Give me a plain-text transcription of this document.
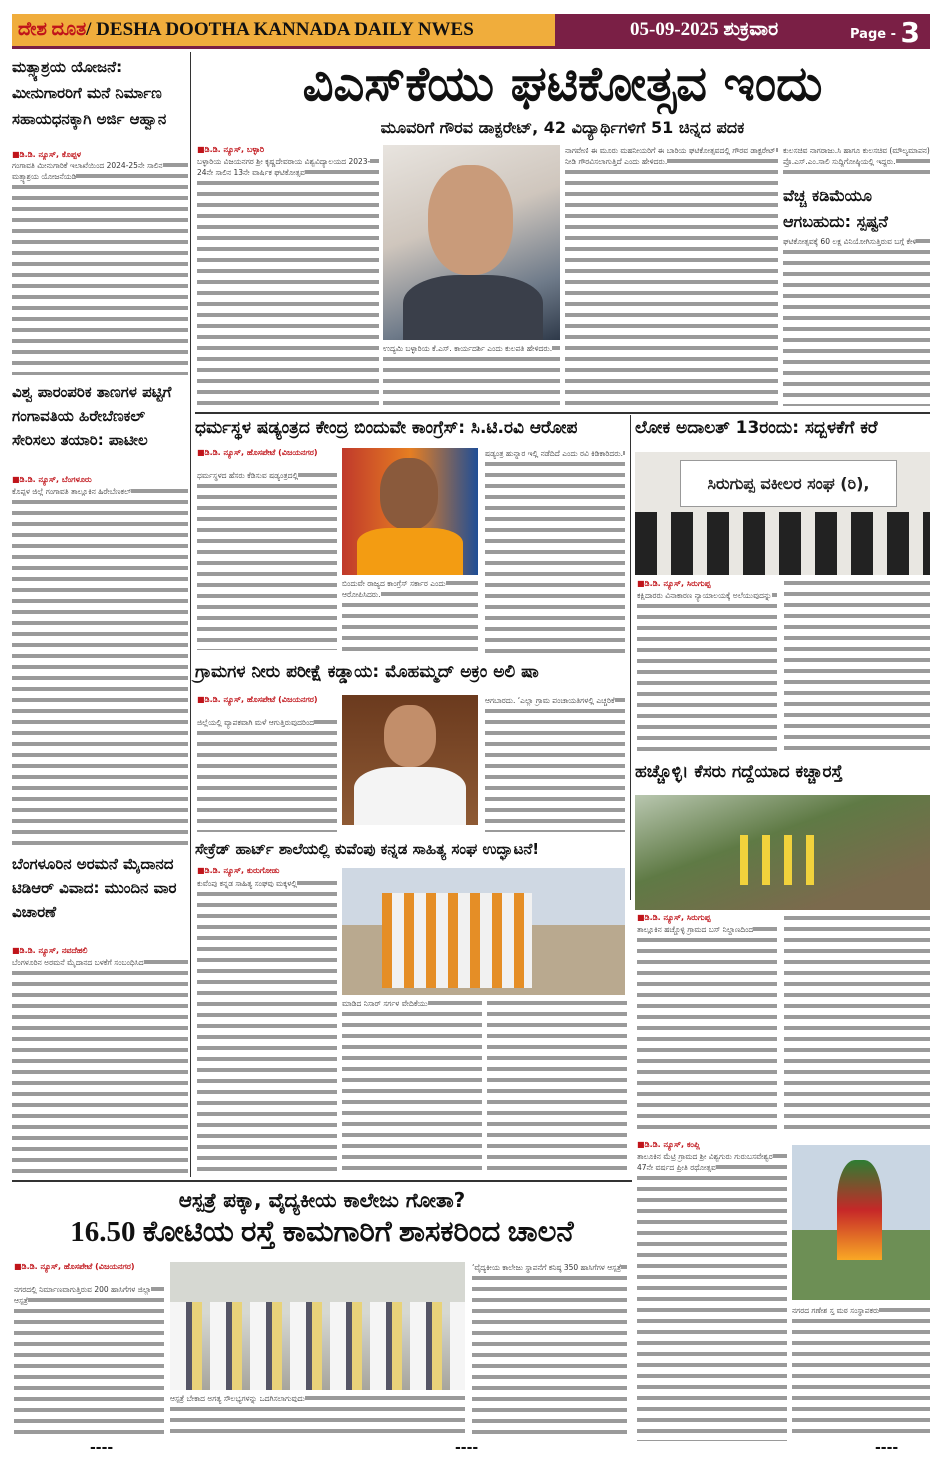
ದೇಶ ದೂತ/ DESHA DOOTHA KANNADA DAILY NWES	05-09-2025 ಶುಕ್ರವಾರ	Page - 3
ಮತ್ಸ್ಯಾಶ್ರಯ ಯೋಜನೆ: ಮೀನುಗಾರರಿಗೆ ಮನೆ ನಿರ್ಮಾಣ ಸಹಾಯಧನಕ್ಕಾಗಿ ಅರ್ಜಿ ಆಹ್ವಾನ
■ಡಿ.ಡಿ. ನ್ಯೂಸ್, ಕೊಪ್ಪಳ
ಗಂಗಾವತಿ ಮೀನುಗಾರಿಕೆ ಇಲಾಖೆಯಿಂದ 2024-25ನೇ ಸಾಲಿನ ಮತ್ಸ್ಯಾಶ್ರಯ ಯೋಜನೆಯಡಿ
ವಿಶ್ವ ಪಾರಂಪರಿಕ ತಾಣಗಳ ಪಟ್ಟಿಗೆ ಗಂಗಾವತಿಯ ಹಿರೇಬೆಣಕಲ್ ಸೇರಿಸಲು ತಯಾರಿ: ಪಾಟೀಲ
■ಡಿ.ಡಿ. ನ್ಯೂಸ್, ಬೆಂಗಳೂರು
ಕೊಪ್ಪಳ ಜಿಲ್ಲೆ ಗಂಗಾವತಿ ತಾಲ್ಲೂಕಿನ ಹಿರೇಬೆಣಕಲ್
ಬೆಂಗಳೂರಿನ ಅರಮನೆ ಮೈದಾನದ ಟಿಡಿಆರ್ ವಿವಾದ: ಮುಂದಿನ ವಾರ ವಿಚಾರಣೆ
■ಡಿ.ಡಿ. ನ್ಯೂಸ್, ನವದೆಹಲಿ
ಬೆಂಗಳೂರಿನ ಅರಮನೆ ಮೈದಾನದ ಬಳಕೆಗೆ ಸಂಬಂಧಿಸಿದ
ವಿಎಸ್‌ಕೆಯು ಘಟಿಕೋತ್ಸವ ಇಂದು
ಮೂವರಿಗೆ ಗೌರವ ಡಾಕ್ಟರೇಟ್, 42 ವಿದ್ಯಾರ್ಥಿಗಳಿಗೆ 51 ಚಿನ್ನದ ಪದಕ
■ಡಿ.ಡಿ. ನ್ಯೂಸ್, ಬಳ್ಳಾರಿ
ಬಳ್ಳಾರಿಯ ವಿಜಯನಗರ ಶ್ರೀ ಕೃಷ್ಣದೇವರಾಯ ವಿಶ್ವವಿದ್ಯಾಲಯದ 2023-24ನೇ ಸಾಲಿನ 13ನೇ ವಾರ್ಷಿಕ ಘಟಿಕೋತ್ಸವ
ಉದ್ಯಮಿ ಬಳ್ಳಾರಿಯ ಕೆ.ಎಸ್. ಕಾರ್ಯದರ್ಶಿ ಎಂದು ಕುಲಪತಿ ಹೇಳಿದರು.
ನಾಗವೇಣಿ ಈ ಮೂರು ಮಹನೀಯರಿಗೆ ಈ ಬಾರಿಯ ಘಟಿಕೋತ್ಸವದಲ್ಲಿ ಗೌರವ ಡಾಕ್ಟರೇಟ್ ನೀಡಿ ಗೌರವಿಸಲಾಗುತ್ತಿದೆ ಎಂದು ಹೇಳಿದರು.
ಕುಲಸಚಿವ ನಾಗರಾಜು.ಸಿ ಹಾಗೂ ಕುಲಸಚಿವ (ಮೌಲ್ಯಮಾಪನ) ಪ್ರೊ.ಎಸ್.ಎಂ.ಸಾಲಿ ಸುದ್ದಿಗೋಷ್ಠಿಯಲ್ಲಿ ಇದ್ದರು.
ವೆಚ್ಚ ಕಡಿಮೆಯೂ ಆಗಬಹುದು: ಸ್ಪಷ್ಟನೆ
ಘಟಿಕೋತ್ಸವಕ್ಕೆ 60 ಲಕ್ಷ ವಿನಿಯೋಗಿಸುತ್ತಿರುವ ಬಗ್ಗೆ ಕೇಳಿ
ಧರ್ಮಸ್ಥಳ ಷಡ್ಯಂತ್ರದ ಕೇಂದ್ರ ಬಿಂದುವೇ ಕಾಂಗ್ರೆಸ್: ಸಿ.ಟಿ.ರವಿ ಆರೋಪ
■ಡಿ.ಡಿ. ನ್ಯೂಸ್, ಹೊಸಪೇಟೆ (ವಿಜಯನಗರ)
ಧರ್ಮಸ್ಥಳದ ಹೆಸರು ಕೆಡಿಸುವ ಷಡ್ಯಂತ್ರದಲ್ಲಿ
ಬಿಂದುವೇ ರಾಜ್ಯದ ಕಾಂಗ್ರೆಸ್ ಸರ್ಕಾರ ಎಂದು ಆರೋಪಿಸಿದರು.
ಷಡ್ಯಂತ್ರ ಹುನ್ನಾರ ಇಲ್ಲಿ ನಡೆದಿದೆ ಎಂದು ರವಿ ಕಿಡಿಕಾರಿದರು.
ಗ್ರಾಮಗಳ ನೀರು ಪರೀಕ್ಷೆ ಕಡ್ಡಾಯ: ಮೊಹಮ್ಮದ್ ಅಕ್ರಂ ಅಲಿ ಷಾ
■ಡಿ.ಡಿ. ನ್ಯೂಸ್, ಹೊಸಪೇಟೆ (ವಿಜಯನಗರ)
ಜಿಲ್ಲೆಯಲ್ಲಿ ವ್ಯಾಪಕವಾಗಿ ಮಳೆ ಆಗುತ್ತಿರುವುದರಿಂದ
ಆಗಬಾರದು. ‘ಎಲ್ಲಾ ಗ್ರಾಮ ಪಂಚಾಯತಿಗಳಲ್ಲಿ ಎಚ್ಚರಿಕೆ
ಸೇಕ್ರೆಡ್ ಹಾರ್ಟ್ ಶಾಲೆಯಲ್ಲಿ ಕುವೆಂಪು ಕನ್ನಡ ಸಾಹಿತ್ಯ ಸಂಘ ಉದ್ಘಾಟನೆ!
■ಡಿ.ಡಿ. ನ್ಯೂಸ್, ಕುರುಗೋಡು
ಕುವೆಂಪು ಕನ್ನಡ ಸಾಹಿತ್ಯ ಸಂಘವು ಮಕ್ಕಳಲ್ಲಿ
ಮಾಡಿದ ನಿಸಾರ್ ಸರ್ಗಳ ವೇದಿಕೆಯು
ಲೋಕ ಅದಾಲತ್ 13ರಂದು: ಸದ್ಬಳಕೆಗೆ ಕರೆ
ಸಿರುಗುಪ್ಪ ವಕೀಲರ ಸಂಘ (ರಿ),
■ಡಿ.ಡಿ. ನ್ಯೂಸ್, ಸಿರುಗುಪ್ಪ
ಕಕ್ಷಿದಾರರು ವಿನಾಕಾರಣ ನ್ಯಾಯಾಲಯಕ್ಕೆ ಅಲೆಯುವುದನ್ನು
ಹಚ್ಚೊಳ್ಳಿ। ಕೆಸರು ಗದ್ದೆಯಾದ ಕಚ್ಚಾರಸ್ತೆ
■ಡಿ.ಡಿ. ನ್ಯೂಸ್, ಸಿರುಗುಪ್ಪ
ತಾಲ್ಲೂಕಿನ ಹಚ್ಚೊಳ್ಳಿ ಗ್ರಾಮದ ಬಸ್ ನಿಲ್ದಾಣದಿಂದ
■ಡಿ.ಡಿ. ನ್ಯೂಸ್, ಕಂಪ್ಲಿ
ತಾಲೂಕಿನ ಮೆಟ್ರಿ ಗ್ರಾಮದ ಶ್ರೀ ವಿಶ್ವಗುರು ಗುರುಬಸವೇಶ್ವರ 47ನೇ ವರ್ಷದ ಪ್ರೀತಿ ರಥೋತ್ಸವ
ನಗರದ ಗಣೇಶ ಸ್ತ ಮಠ ಸಂಸ್ಥಾಪಕರು
ಆಸ್ಪತ್ರೆ ಪಕ್ಕಾ, ವೈದ್ಯಕೀಯ ಕಾಲೇಜು ಗೋತಾ?
16.50 ಕೋಟಿಯ ರಸ್ತೆ ಕಾಮಗಾರಿಗೆ ಶಾಸಕರಿಂದ ಚಾಲನೆ
■ಡಿ.ಡಿ. ನ್ಯೂಸ್, ಹೊಸಪೇಟೆ (ವಿಜಯನಗರ)
ನಗರದಲ್ಲಿ ನಿರ್ಮಾಣವಾಗುತ್ತಿರುವ 200 ಹಾಸಿಗೆಗಳ ಜಿಲ್ಲಾ ಆಸ್ಪತ್ರೆ
ಆಸ್ಪತ್ರೆ ಬೇಕಾದ ಅಗತ್ಯ ಸೌಲಭ್ಯಗಳನ್ನು ಒದಗಿಸಲಾಗುವುದು
‘ವೈದ್ಯಕೀಯ ಕಾಲೇಜು ಸ್ಥಾಪನೆಗೆ ಕನಿಷ್ಠ 350 ಹಾಸಿಗೆಗಳ ಆಸ್ಪತ್ರೆ
----	----	----
